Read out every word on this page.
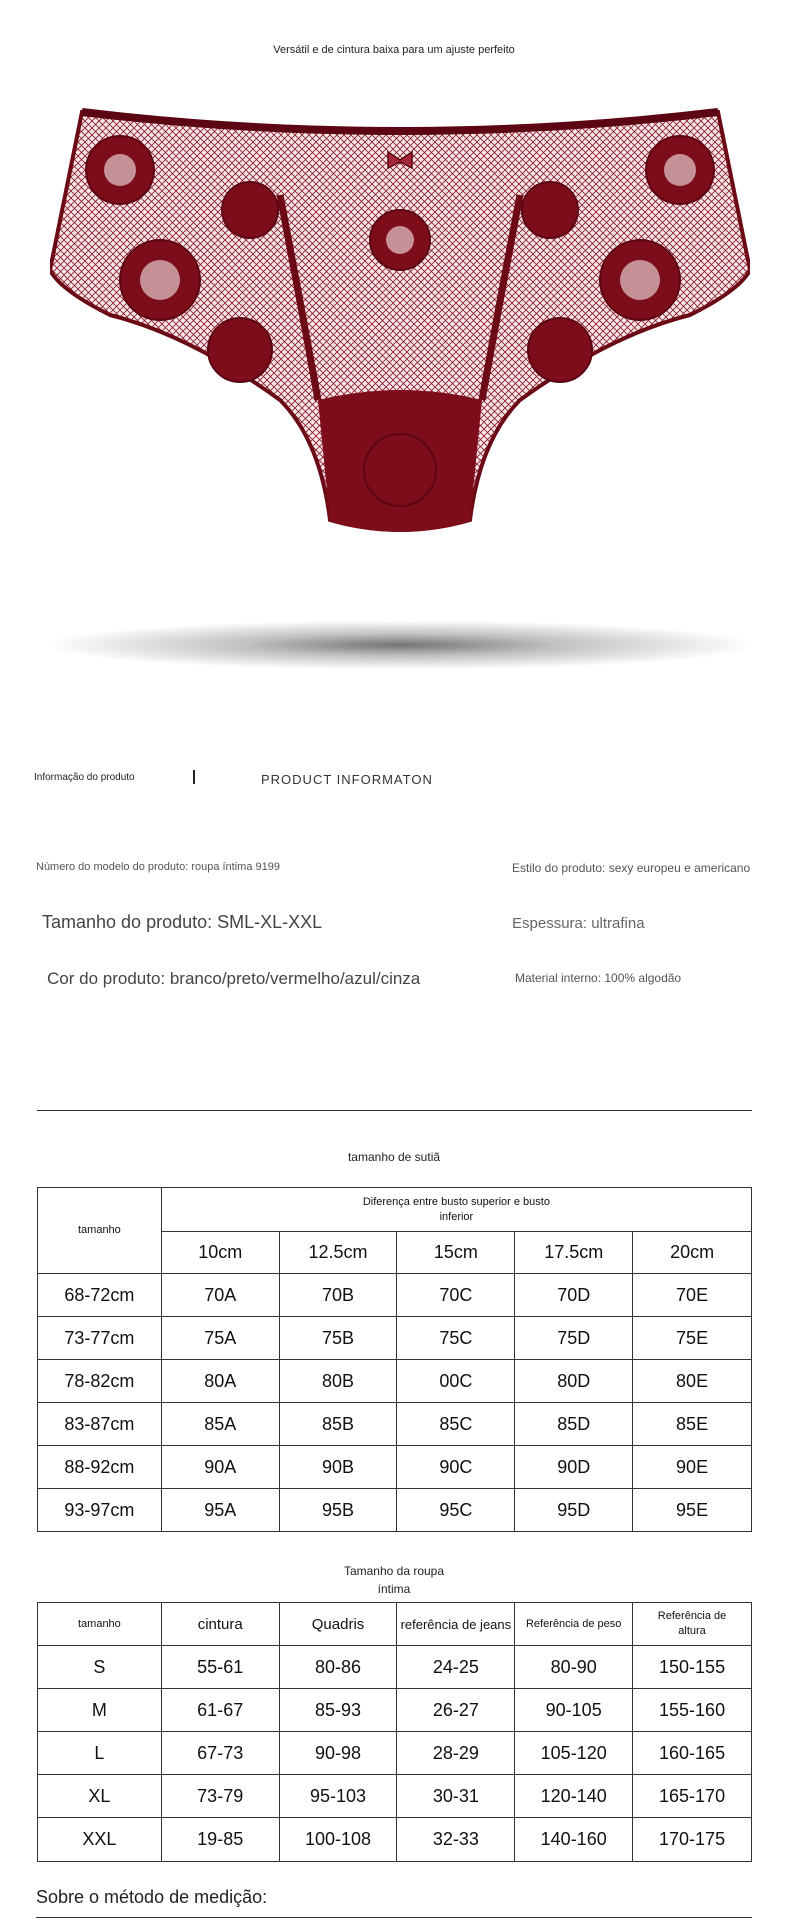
Versátil e de cintura baixa para um ajuste perfeito
Informação do produto	PRODUCT INFORMATON
Número do modelo do produto: roupa íntima 9199	Estilo do produto: sexy europeu e americano
Tamanho do produto: SML-XL-XXL	Espessura: ultrafina
Cor do produto: branco/preto/vermelho/azul/cinza	Material interno: 100% algodão
tamanho de sutiã
tamanho	Diferença entre busto superior e busto inferior				
	10cm	12.5cm	15cm	17.5cm	20cm
68-72cm	70A	70B	70C	70D	70E
73-77cm	75A	75B	75C	75D	75E
78-82cm	80A	80B	00C	80D	80E
83-87cm	85A	85B	85C	85D	85E
88-92cm	90A	90B	90C	90D	90E
93-97cm	95A	95B	95C	95D	95E
Tamanho da roupa
íntima
tamanho	cintura	Quadris	referência de jeans	Referência de peso	Referência de altura
S	55-61	80-86	24-25	80-90	150-155
M	61-67	85-93	26-27	90-105	155-160
L	67-73	90-98	28-29	105-120	160-165
XL	73-79	95-103	30-31	120-140	165-170
XXL	19-85	100-108	32-33	140-160	170-175
Sobre o método de medição:
